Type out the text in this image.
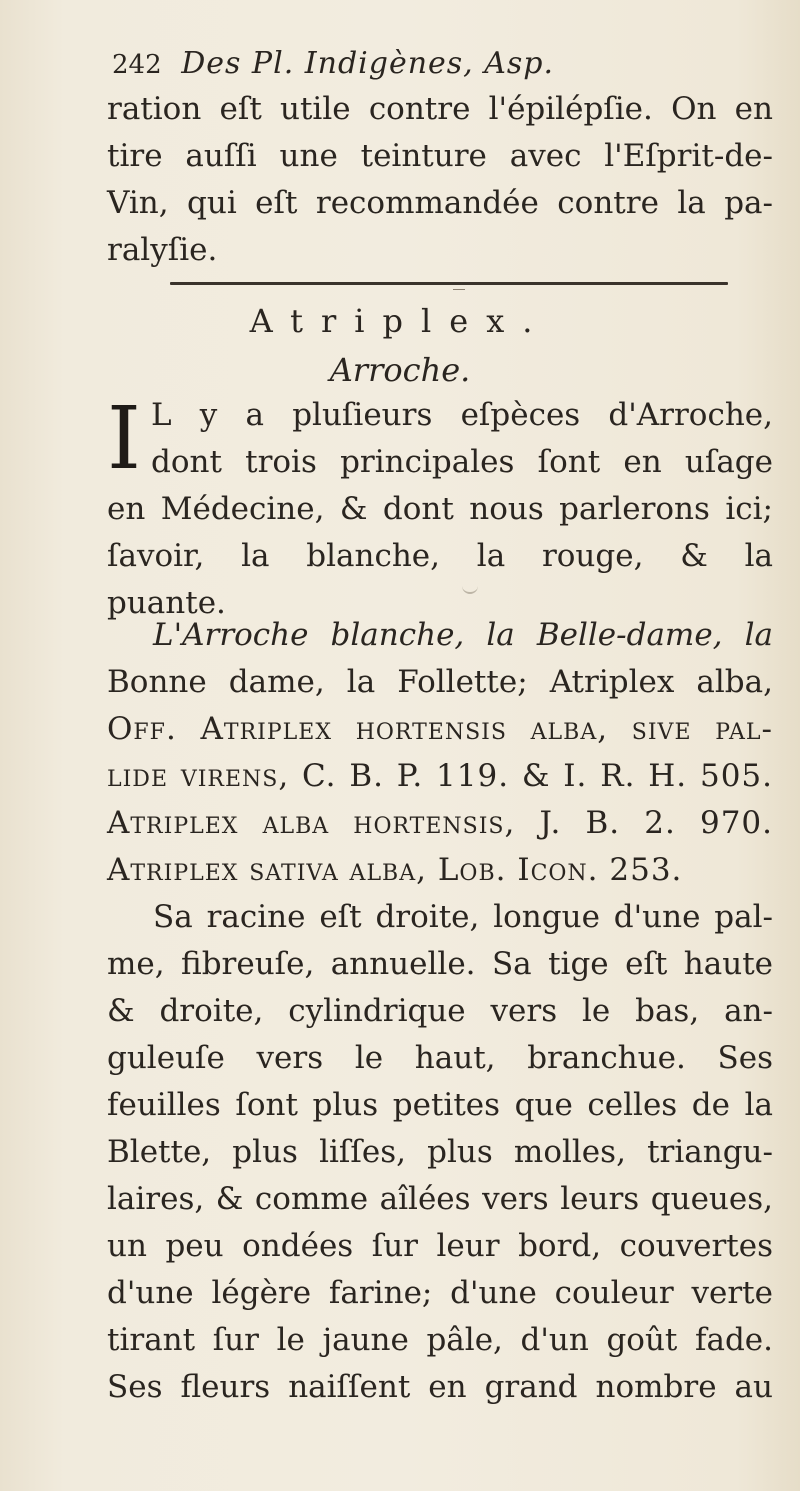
242 Des Pl. Indigènes, Asp.
ration eſt utile contre l'épilépſie. On en
tire auſſi une teinture avec l'Eſprit-de-
Vin, qui eſt recommandée contre la pa-
ralyſie.
Atriplex.
Arroche.
I L y a pluſieurs eſpèces d'Arroche,
dont trois principales ſont en uſage
en Médecine, & dont nous parlerons ici;
ſavoir, la blanche, la rouge, & la
puante.
L'Arroche blanche, la Belle-dame, la
Bonne dame, la Follette; Atriplex alba,
Off. Atriplex hortensis alba, ſive pal-
lide virens, C. B. P. 119. & I. R. H. 505.
Atriplex alba hortensis, J. B. 2. 970.
Atriplex sativa alba, Lob. Icon. 253.
Sa racine eſt droite, longue d'une pal-
me, fibreuſe, annuelle. Sa tige eſt haute
& droite, cylindrique vers le bas, an-
guleuſe vers le haut, branchue. Ses
feuilles ſont plus petites que celles de la
Blette, plus liſſes, plus molles, triangu-
laires, & comme aîlées vers leurs queues,
un peu ondées ſur leur bord, couvertes
d'une légère farine; d'une couleur verte
tirant ſur le jaune pâle, d'un goût fade.
Ses fleurs naiſſent en grand nombre au
